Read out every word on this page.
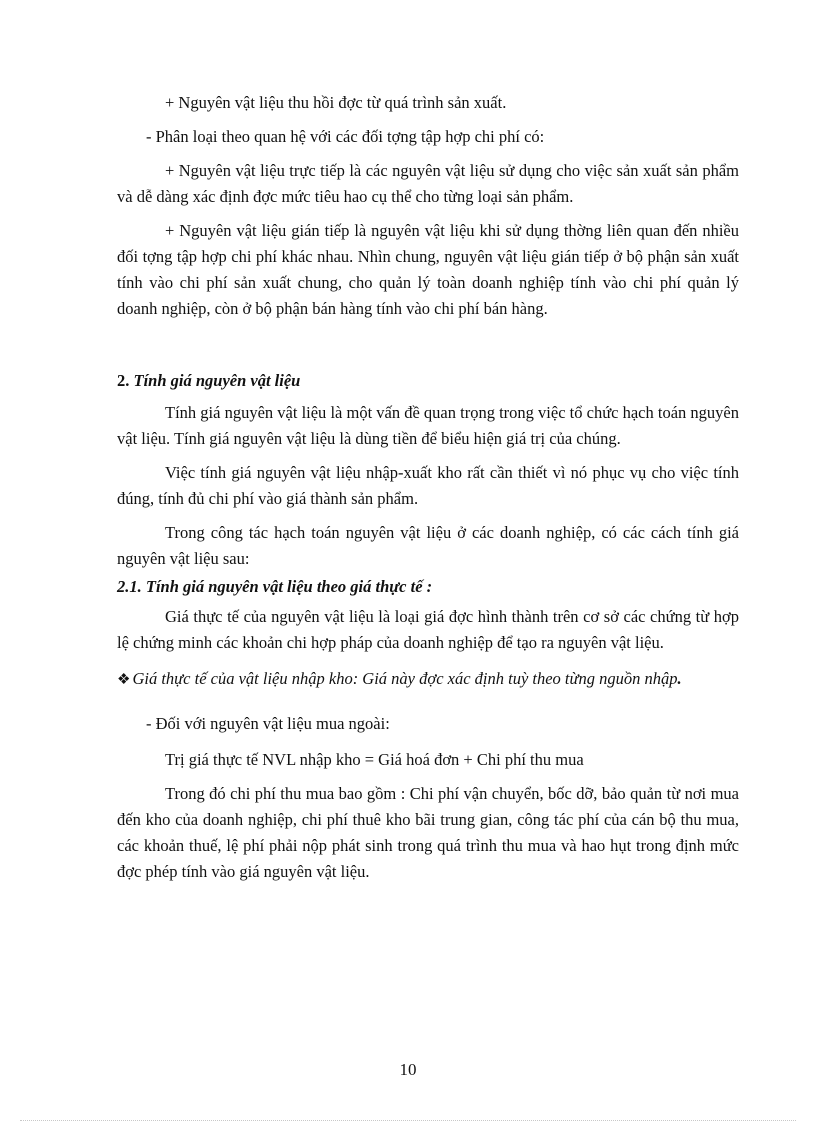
+ Nguyên vật liệu thu hồi đợc từ quá trình sản xuất.

- Phân loại theo quan hệ với các đối tợng tập hợp chi phí có:

+ Nguyên vật liệu trực tiếp là các nguyên vật liệu sử dụng cho việc sản xuất sản phẩm và dễ dàng xác định đợc mức tiêu hao cụ thể cho từng loại sản phẩm.

+ Nguyên vật liệu gián tiếp là nguyên vật liệu khi sử dụng thờng liên quan đến nhiều đối tợng tập hợp chi phí khác nhau. Nhìn chung, nguyên vật liệu gián tiếp ở bộ phận sản xuất tính vào chi phí sản xuất chung, cho quản lý toàn doanh nghiệp tính vào chi phí quản lý doanh nghiệp, còn ở bộ phận bán hàng tính vào chi phí bán hàng.

2. Tính giá nguyên vật liệu

Tính giá nguyên vật liệu là một vấn đề quan trọng trong việc tổ chức hạch toán nguyên vật liệu. Tính giá nguyên vật liệu là dùng tiền để biểu hiện giá trị của chúng.

Việc tính giá nguyên vật liệu nhập-xuất kho rất cần thiết vì nó phục vụ cho việc tính đúng, tính đủ chi phí vào giá thành sản phẩm.

Trong công tác hạch toán nguyên vật liệu ở các doanh nghiệp, có các cách tính giá nguyên vật liệu sau:

2.1. Tính giá nguyên vật liệu theo giá thực tế :

Giá thực tế của nguyên vật liệu là loại giá đợc hình thành trên cơ sở các chứng từ hợp lệ chứng minh các khoản chi hợp pháp của doanh nghiệp để tạo ra nguyên vật liệu.

❖ Giá thực tế của vật liệu nhập kho: Giá này đợc xác định tuỳ theo từng nguồn nhập.

- Đối với nguyên vật liệu mua ngoài:

Trị giá thực tế NVL nhập kho = Giá hoá đơn + Chi phí thu mua

Trong đó chi phí thu mua bao gồm : Chi phí vận chuyển, bốc dỡ, bảo quản từ nơi mua đến kho của doanh nghiệp, chi phí thuê kho bãi trung gian, công tác phí của cán bộ thu mua, các khoản thuế, lệ phí phải nộp phát sinh trong quá trình thu mua và hao hụt trong định mức đợc phép tính vào giá nguyên vật liệu.

10
